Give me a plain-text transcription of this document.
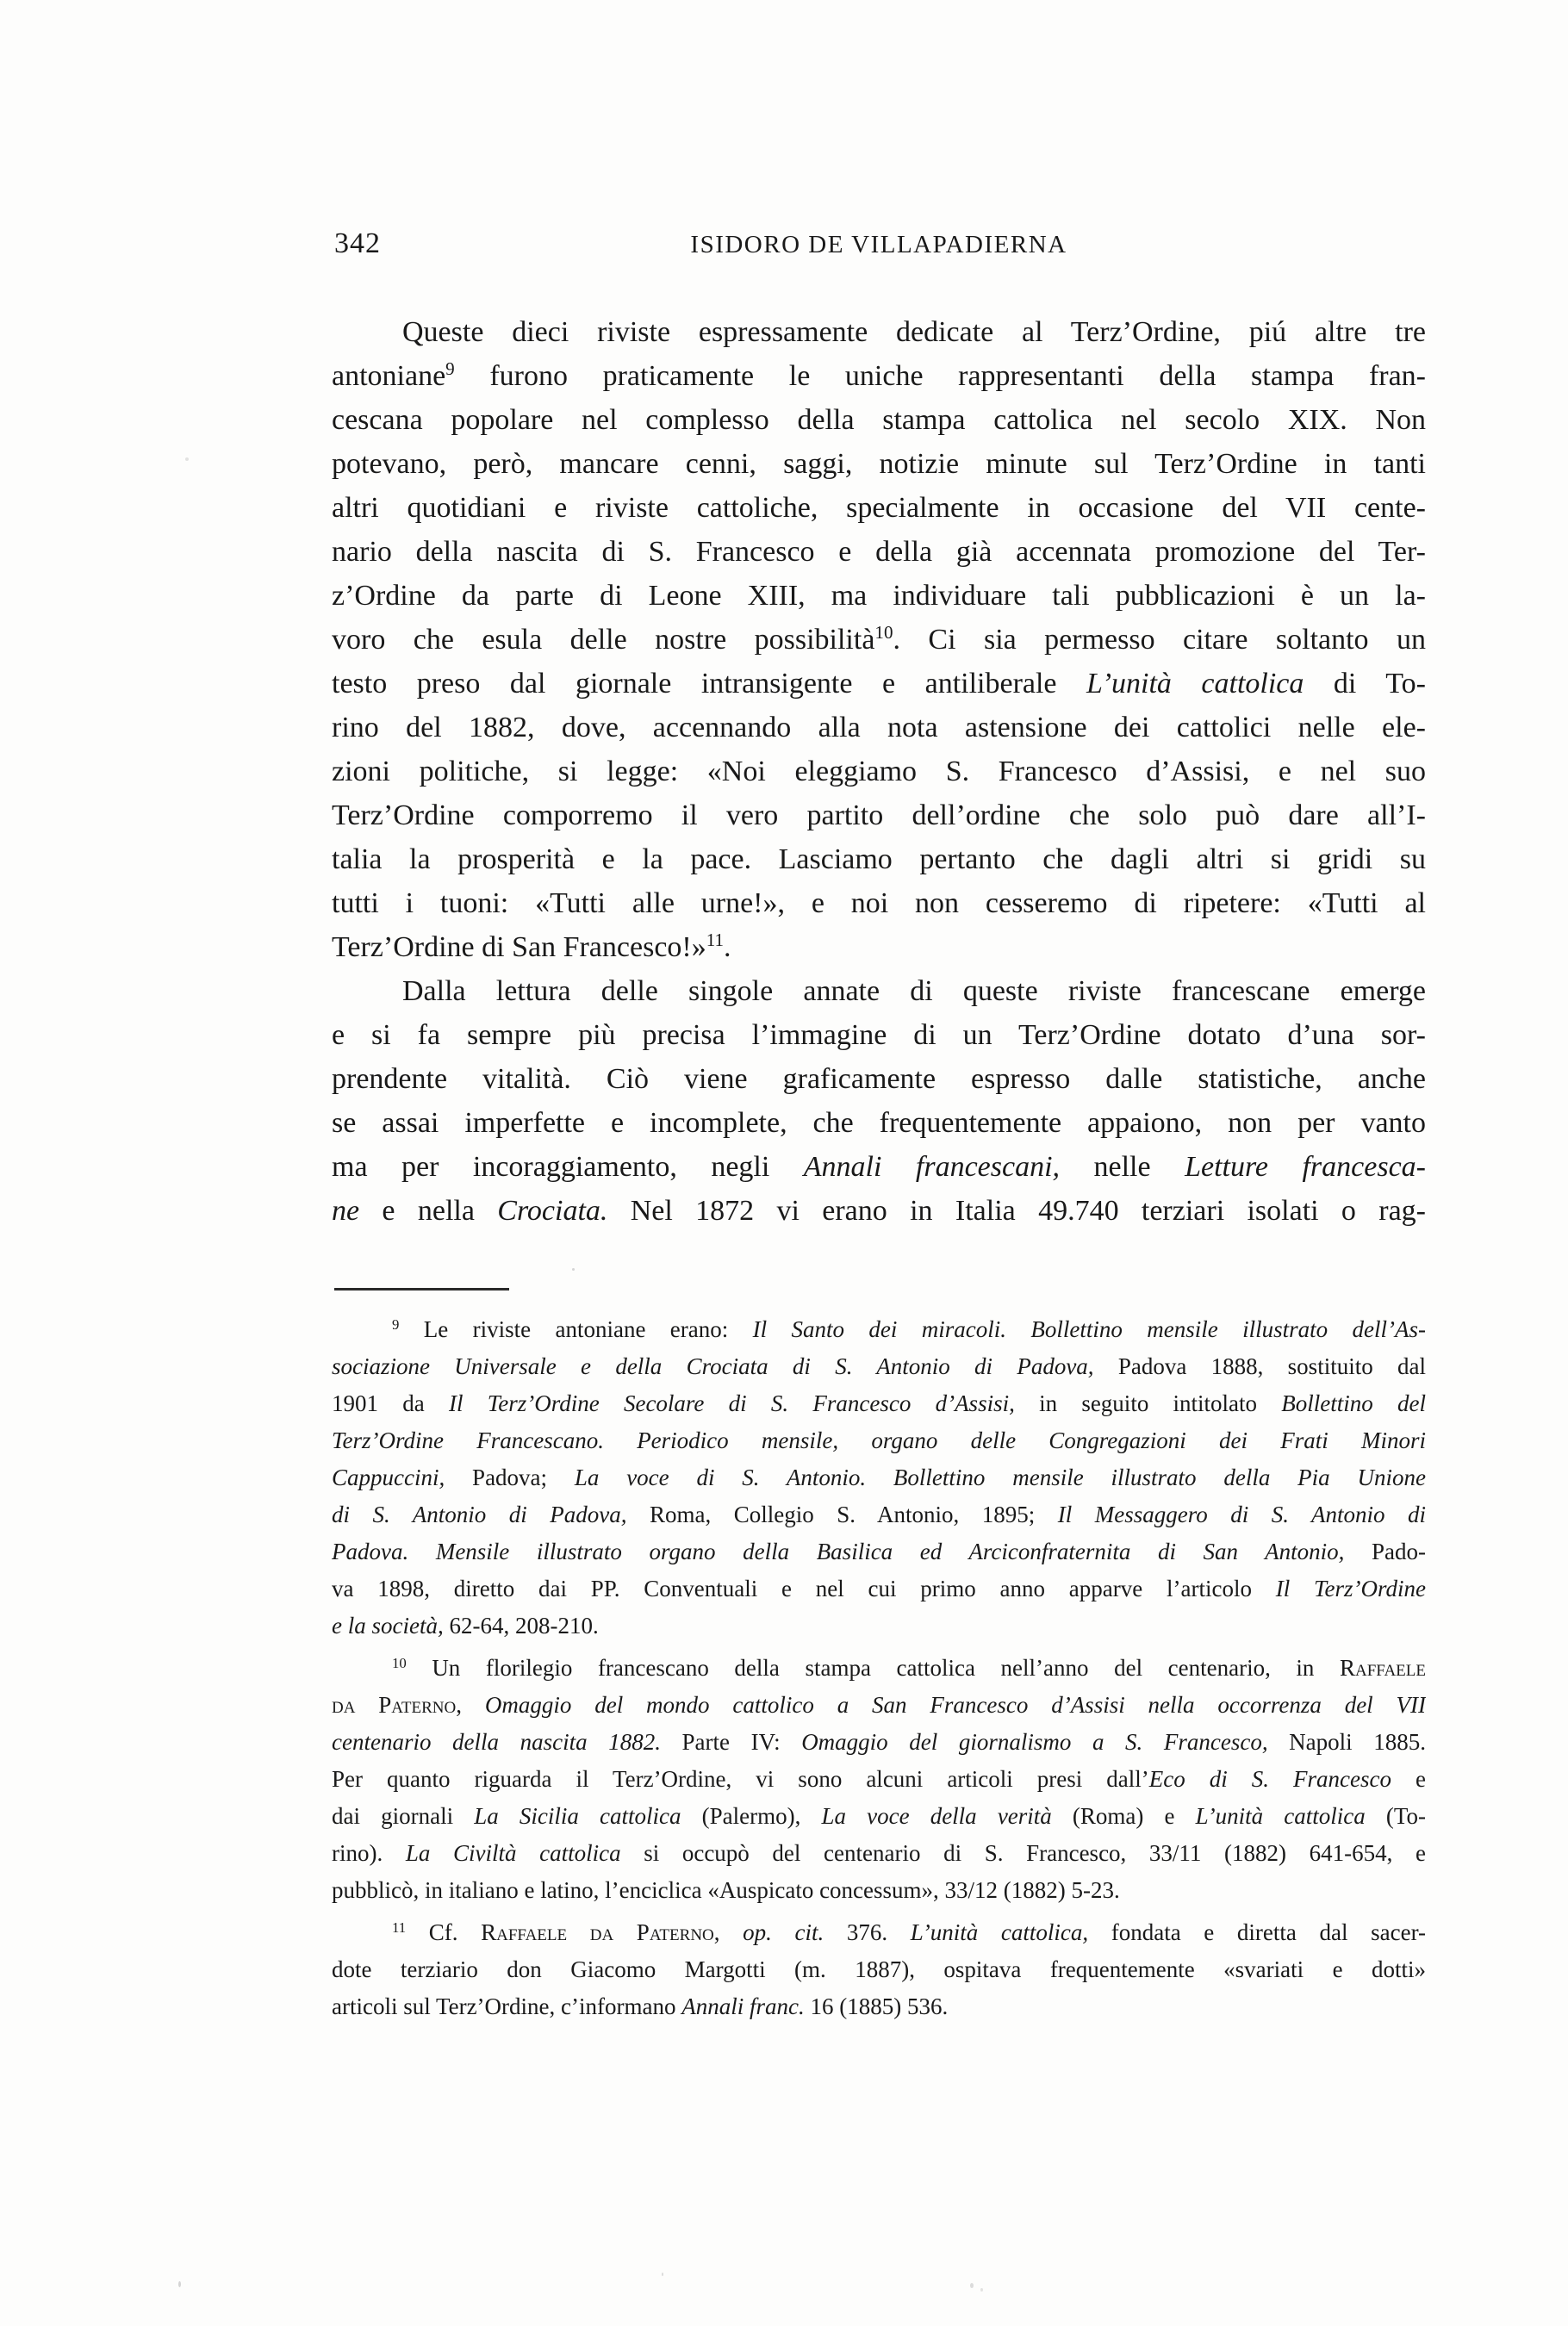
342	ISIDORO DE VILLAPADIERNA
Queste dieci riviste espressamente dedicate al Terz’Ordine, piú altre tre
antoniane$^9$ furono praticamente le uniche rappresentanti della stampa fran-
cescana popolare nel complesso della stampa cattolica nel secolo XIX. Non
potevano, però, mancare cenni, saggi, notizie minute sul Terz’Ordine in tanti
altri quotidiani e riviste cattoliche, specialmente in occasione del VII cente-
nario della nascita di S. Francesco e della già accennata promozione del Ter-
z’Ordine da parte di Leone XIII, ma individuare tali pubblicazioni è un la-
voro che esula delle nostre possibilità$^{10}$. Ci sia permesso citare soltanto un
testo preso dal giornale intransigente e antiliberale L’unità cattolica di To-
rino del 1882, dove, accennando alla nota astensione dei cattolici nelle ele-
zioni politiche, si legge: «Noi eleggiamo S. Francesco d’Assisi, e nel suo
Terz’Ordine comporremo il vero partito dell’ordine che solo può dare all’I-
talia la prosperità e la pace. Lasciamo pertanto che dagli altri si gridi su
tutti i tuoni: «Tutti alle urne!», e noi non cesseremo di ripetere: «Tutti al
Terz’Ordine di San Francesco!»$^{11}$.
Dalla lettura delle singole annate di queste riviste francescane emerge
e si fa sempre più precisa l’immagine di un Terz’Ordine dotato d’una sor-
prendente vitalità. Ciò viene graficamente espresso dalle statistiche, anche
se assai imperfette e incomplete, che frequentemente appaiono, non per vanto
ma per incoraggiamento, negli Annali francescani, nelle Letture francesca-
ne e nella Crociata. Nel 1872 vi erano in Italia 49.740 terziari isolati o rag-
$^9$ Le riviste antoniane erano: Il Santo dei miracoli. Bollettino mensile illustrato dell’As-
sociazione Universale e della Crociata di S. Antonio di Padova, Padova 1888, sostituito dal
1901 da Il Terz’Ordine Secolare di S. Francesco d’Assisi, in seguito intitolato Bollettino del
Terz’Ordine Francescano. Periodico mensile, organo delle Congregazioni dei Frati Minori
Cappuccini, Padova; La voce di S. Antonio. Bollettino mensile illustrato della Pia Unione
di S. Antonio di Padova, Roma, Collegio S. Antonio, 1895; Il Messaggero di S. Antonio di
Padova. Mensile illustrato organo della Basilica ed Arciconfraternita di San Antonio, Pado-
va 1898, diretto dai PP. Conventuali e nel cui primo anno apparve l’articolo Il Terz’Ordine
e la società, 62-64, 208-210.
$^{10}$ Un florilegio francescano della stampa cattolica nell’anno del centenario, in Raffaele
da Paterno, Omaggio del mondo cattolico a San Francesco d’Assisi nella occorrenza del VII
centenario della nascita 1882. Parte IV: Omaggio del giornalismo a S. Francesco, Napoli 1885.
Per quanto riguarda il Terz’Ordine, vi sono alcuni articoli presi dall’Eco di S. Francesco e
dai giornali La Sicilia cattolica (Palermo), La voce della verità (Roma) e L’unità cattolica (To-
rino). La Civiltà cattolica si occupò del centenario di S. Francesco, 33/11 (1882) 641-654, e
pubblicò, in italiano e latino, l’enciclica «Auspicato concessum», 33/12 (1882) 5-23.
$^{11}$ Cf. Raffaele da Paterno, op. cit. 376. L’unità cattolica, fondata e diretta dal sacer-
dote terziario don Giacomo Margotti (m. 1887), ospitava frequentemente «svariati e dotti»
articoli sul Terz’Ordine, c’informano Annali franc. 16 (1885) 536.
